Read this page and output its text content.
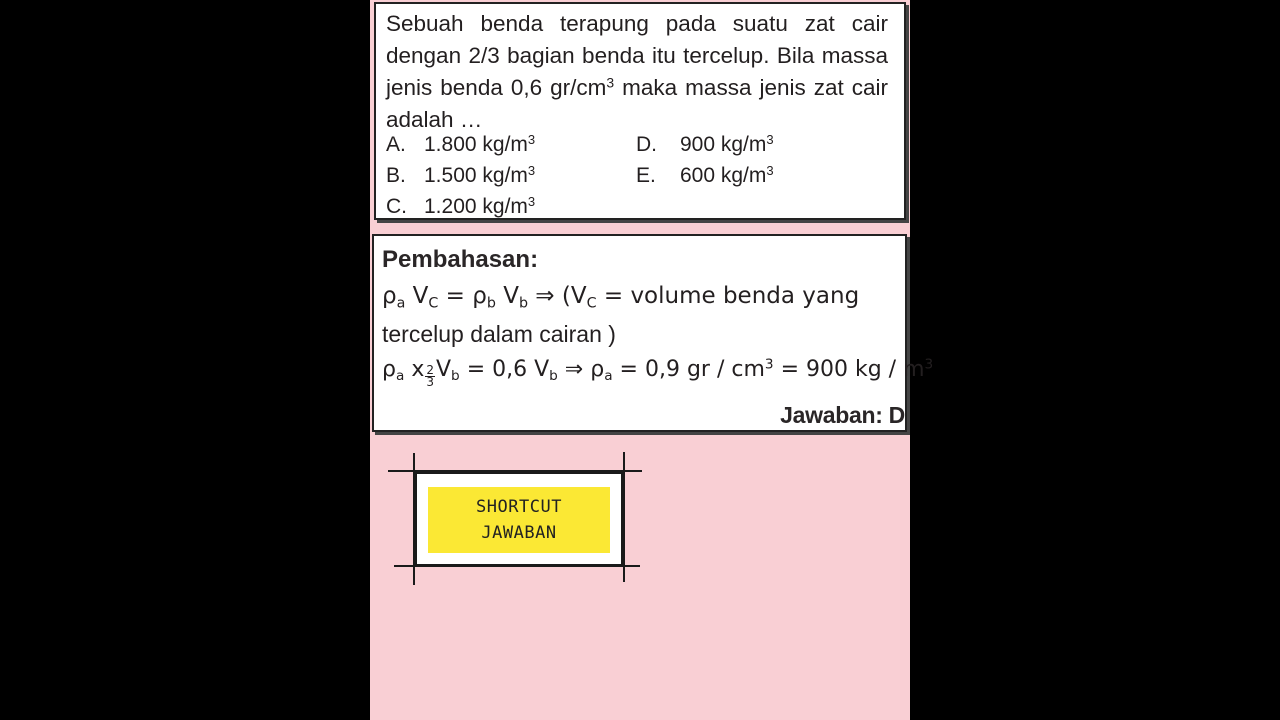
Sebuah benda terapung pada suatu zat cair dengan 2/3 bagian benda itu tercelup. Bila massa jenis benda 0,6 $gr/cm^3$ maka massa jenis zat cair adalah …
A. 1.800 $kg/m^3$
B. 1.500 $kg/m^3$
C. 1.200 $kg/m^3$
D. 900 $kg/m^3$
E. 600 $kg/m^3$
Pembahasan:
$\rho_a$ $V_C = \rho_b$ $V_b$ ⇒ ($V_C$ = volume benda yang
tercelup dalam cairan )
$\rho_a$ x $\frac{2}{3} V_b = 0,6$ $V_b$ ⇒ $\rho_a = 0,9$ gr / $cm^3 = 900$ kg / $m^3$
Jawaban: D
SHORTCUT
JAWABAN
